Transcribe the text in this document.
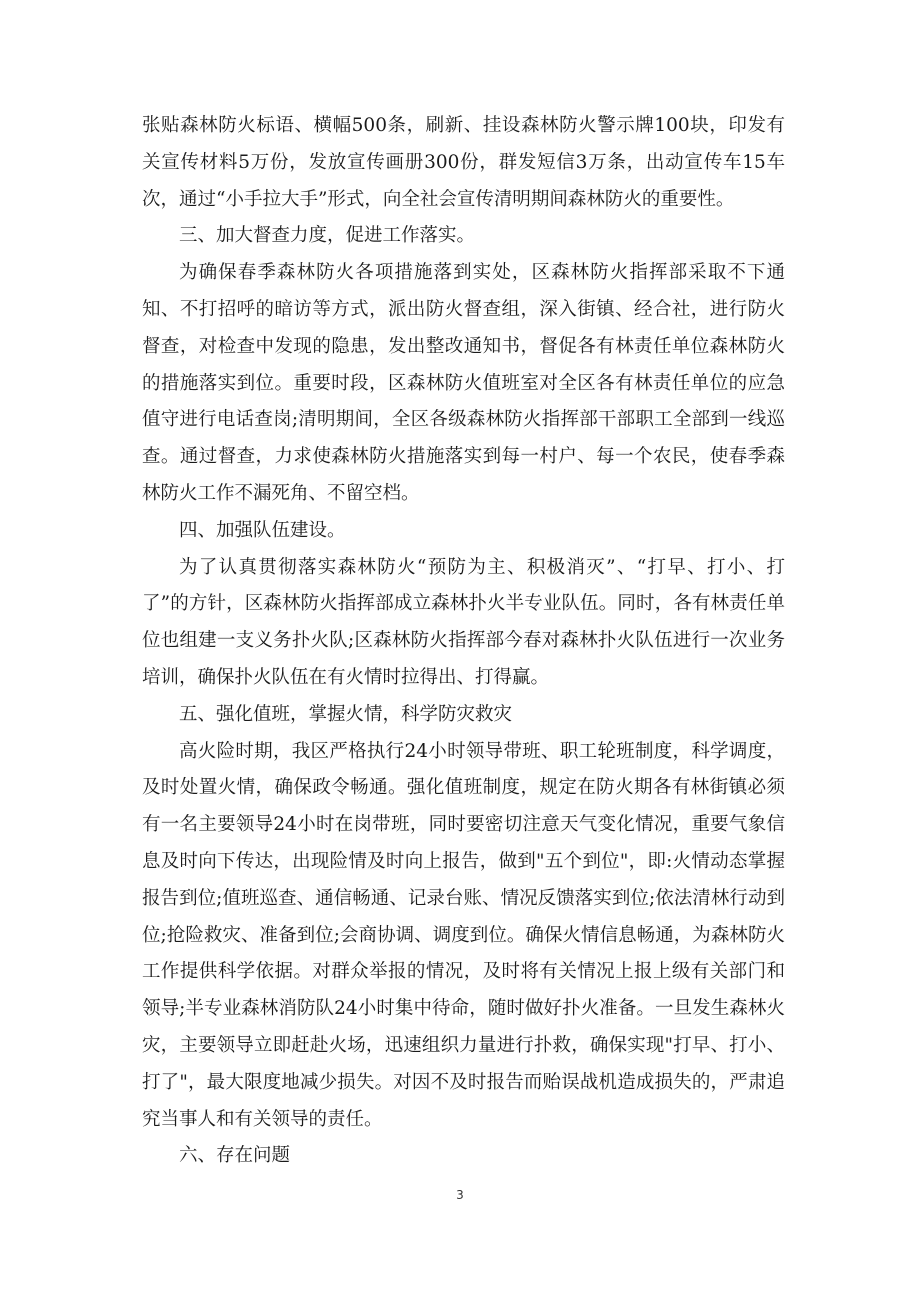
张贴森林防火标语、横幅500条，刷新、挂设森林防火警示牌100块，印发有关宣传材料5万份，发放宣传画册300份，群发短信3万条，出动宣传车15车次，通过“小手拉大手”形式，向全社会宣传清明期间森林防火的重要性。

三、加大督查力度，促进工作落实。

为确保春季森林防火各项措施落到实处，区森林防火指挥部采取不下通知、不打招呼的暗访等方式，派出防火督查组，深入街镇、经合社，进行防火督查，对检查中发现的隐患，发出整改通知书，督促各有林责任单位森林防火的措施落实到位。重要时段，区森林防火值班室对全区各有林责任单位的应急值守进行电话查岗;清明期间，全区各级森林防火指挥部干部职工全部到一线巡查。通过督查，力求使森林防火措施落实到每一村户、每一个农民，使春季森林防火工作不漏死角、不留空档。

四、加强队伍建设。

为了认真贯彻落实森林防火“预防为主、积极消灭”、“打早、打小、打了”的方针，区森林防火指挥部成立森林扑火半专业队伍。同时，各有林责任单位也组建一支义务扑火队;区森林防火指挥部今春对森林扑火队伍进行一次业务培训，确保扑火队伍在有火情时拉得出、打得赢。

五、强化值班，掌握火情，科学防灾救灾

高火险时期，我区严格执行24小时领导带班、职工轮班制度，科学调度，及时处置火情，确保政令畅通。强化值班制度，规定在防火期各有林街镇必须有一名主要领导24小时在岗带班，同时要密切注意天气变化情况，重要气象信息及时向下传达，出现险情及时向上报告，做到"五个到位"，即:火情动态掌握报告到位;值班巡查、通信畅通、记录台账、情况反馈落实到位;依法清林行动到位;抢险救灾、准备到位;会商协调、调度到位。确保火情信息畅通，为森林防火工作提供科学依据。对群众举报的情况，及时将有关情况上报上级有关部门和领导;半专业森林消防队24小时集中待命，随时做好扑火准备。一旦发生森林火灾，主要领导立即赶赴火场，迅速组织力量进行扑救，确保实现"打早、打小、打了"，最大限度地减少损失。对因不及时报告而贻误战机造成损失的，严肃追究当事人和有关领导的责任。

六、存在问题

3
